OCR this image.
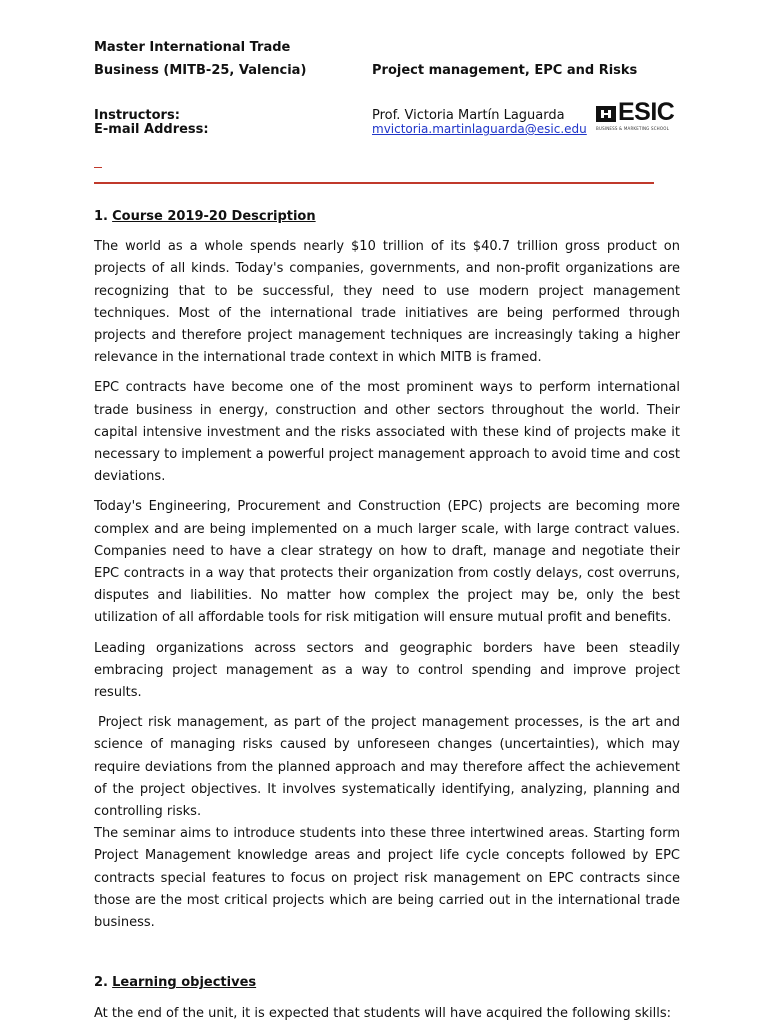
Master International Trade
Business (MITB-25, Valencia)	Project management, EPC and Risks
Instructors:	Prof. Victoria Martín Laguarda
E-mail Address:	mvictoria.martinlaguarda@esic.edu
ESIC
BUSINESS & MARKETING SCHOOL
1. Course 2019-20 Description

The world as a whole spends nearly $10 trillion of its $40.7 trillion gross product on projects of all kinds. Today's companies, governments, and non-profit organizations are recognizing that to be successful, they need to use modern project management techniques. Most of the international trade initiatives are being performed through projects and therefore project management techniques are increasingly taking a higher relevance in the international trade context in which MITB is framed.

EPC contracts have become one of the most prominent ways to perform international trade business in energy, construction and other sectors throughout the world. Their capital intensive investment and the risks associated with these kind of projects make it necessary to implement a powerful project management approach to avoid time and cost deviations.

Today's Engineering, Procurement and Construction (EPC) projects are becoming more complex and are being implemented on a much larger scale, with large contract values. Companies need to have a clear strategy on how to draft, manage and negotiate their EPC contracts in a way that protects their organization from costly delays, cost overruns, disputes and liabilities. No matter how complex the project may be, only the best utilization of all affordable tools for risk mitigation will ensure mutual profit and benefits.

Leading organizations across sectors and geographic borders have been steadily embracing project management as a way to control spending and improve project results.

Project risk management, as part of the project management processes, is the art and science of managing risks caused by unforeseen changes (uncertainties), which may require deviations from the planned approach and may therefore affect the achievement of the project objectives. It involves systematically identifying, analyzing, planning and controlling risks.

The seminar aims to introduce students into these three intertwined areas. Starting form Project Management knowledge areas and project life cycle concepts followed by EPC contracts special features to focus on project risk management on EPC contracts since those are the most critical projects which are being carried out in the international trade business.

2. Learning objectives

At the end of the unit, it is expected that students will have acquired the following skills:
